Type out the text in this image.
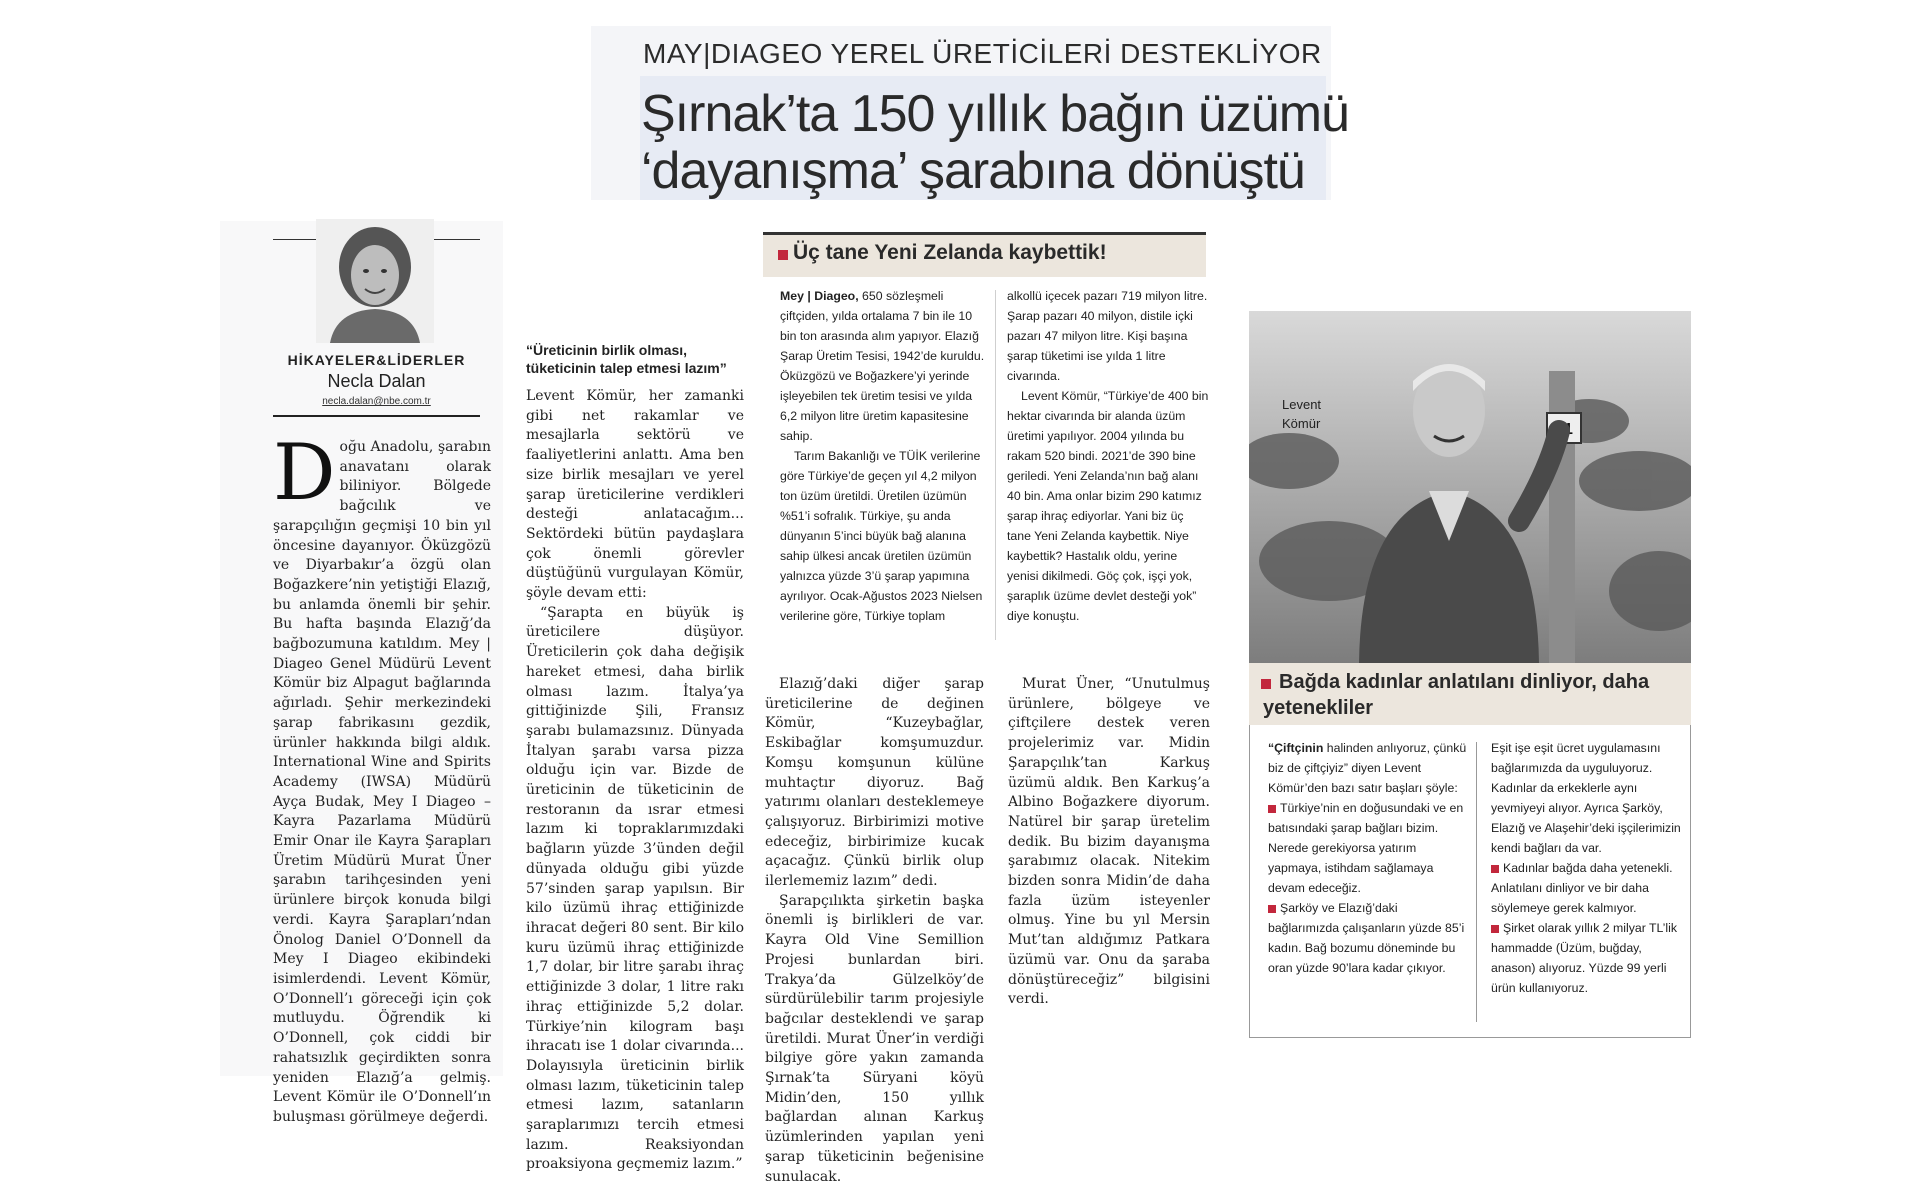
MAY|DIAGEO YEREL ÜRETİCİLERİ DESTEKLİYOR
Şırnak’ta 150 yıllık bağın üzümü
‘dayanışma’ şarabına dönüştü
HİKAYELER&LİDERLER
Necla Dalan
necla.dalan@nbe.com.tr
Doğu Anadolu, şarabın anavatanı olarak biliniyor. Bölgede bağcılık ve şarapçılığın geçmişi 10 bin yıl öncesine dayanıyor. Öküzgözü ve Diyarbakır’a özgü olan Boğazkere’nin yetiştiği Elazığ, bu anlamda önemli bir şehir. Bu hafta başında Elazığ’da bağbozumuna katıldım. Mey | Diageo Genel Müdürü Levent Kömür biz Alpagut bağlarında ağırladı. Şehir merkezindeki şarap fabrikasını gezdik, ürünler hakkında bilgi aldık. International Wine and Spirits Academy (IWSA) Müdürü Ayça Budak, Mey I Diageo – Kayra Pazarlama Müdürü Emir Onar ile Kayra Şarapları Üretim Müdürü Murat Üner şarabın tarihçesinden yeni ürünlere birçok konuda bilgi verdi. Kayra Şarapları’ndan Önolog Daniel O’Donnell da Mey I Diageo ekibindeki isimlerdendi. Levent Kömür, O’Donnell’ı göreceği için çok mutluydu. Öğrendik ki O’Donnell, çok ciddi bir rahatsızlık geçirdikten sonra yeniden Elazığ’a gelmiş. Levent Kömür ile O’Donnell’ın buluşması görülmeye değerdi.
“Üreticinin birlik olması, tüketicinin talep etmesi lazım”

Levent Kömür, her zamanki gibi net rakamlar ve mesajlarla sektörü ve faaliyetlerini anlattı. Ama ben size birlik mesajları ve yerel şarap üreticilerine verdikleri desteği anlatacağım... Sektördeki bütün paydaşlara çok önemli görevler düştüğünü vurgulayan Kömür, şöyle devam etti:

“Şarapta en büyük iş üreticilere düşüyor. Üreticilerin çok daha değişik hareket etmesi, daha birlik olması lazım. İtalya’ya gittiğinizde Şili, Fransız şarabı bulamazsınız. Dünyada İtalyan şarabı varsa pizza olduğu için var. Bizde de üreticinin de tüketicinin de restoranın da ısrar etmesi lazım ki topraklarımızdaki bağların yüzde 3’ünden değil dünyada olduğu gibi yüzde 57’sinden şarap yapılsın. Bir kilo üzümü ihraç ettiğinizde ihracat değeri 80 sent. Bir kilo kuru üzümü ihraç ettiğinizde 1,7 dolar, bir litre şarabı ihraç ettiğinizde 3 dolar, 1 litre rakı ihraç ettiğinizde 5,2 dolar. Türkiye’nin kilogram başı ihracatı ise 1 dolar civarında... Dolayısıyla üreticinin birlik olması lazım, tüketicinin talep etmesi lazım, satanların şaraplarımızı tercih etmesi lazım. Reaksiyondan proaksiyona geçmemiz lazım.”

Elazığ’daki diğer şarap üreticilerine de değinen Kömür, “Kuzeybağlar, Eskibağlar komşumuzdur. Komşu komşunun külüne muhtaçtır diyoruz. Bağ yatırımı olanları desteklemeye çalışıyoruz. Birbirimizi motive edeceğiz, birbirimize kucak açacağız. Çünkü birlik olup ilerlememiz lazım” dedi.

Şarapçılıkta şirketin başka önemli iş birlikleri de var. Kayra Old Vine Semillion Projesi bunlardan biri. Trakya’da Gülzelköy’de sürdürülebilir tarım projesiyle bağcılar desteklendi ve şarap üretildi. Murat Üner’in verdiği bilgiye göre yakın zamanda Şırnak’ta Süryani köyü Midin’den, 150 yıllık bağlardan alınan Karkuş üzümlerinden yapılan yeni şarap tüketicinin beğenisine sunulacak.

Murat Üner, “Unutulmuş ürünlere, bölgeye ve çiftçilere destek veren projelerimiz var. Midin Şarapçılık’tan Karkuş üzümü aldık. Ben Karkuş’a Albino Boğazkere diyorum. Natürel bir şarap üretelim dedik. Bu bizim dayanışma şarabımız olacak. Nitekim bizden sonra Midin’de daha fazla üzüm isteyenler olmuş. Yine bu yıl Mersin Mut’tan aldığımız Patkara üzümü var. Onu da şaraba dönüştüreceğiz” bilgisini verdi.

Üç tane Yeni Zelanda kaybettik!

Mey | Diageo, 650 sözleşmeli çiftçiden, yılda ortalama 7 bin ile 10 bin ton arasında alım yapıyor. Elazığ Şarap Üretim Tesisi, 1942’de kuruldu. Öküzgözü ve Boğazkere’yi yerinde işleyebilen tek üretim tesisi ve yılda 6,2 milyon litre üretim kapasitesine sahip.

Tarım Bakanlığı ve TÜİK verilerine göre Türkiye’de geçen yıl 4,2 milyon ton üzüm üretildi. Üretilen üzümün %51’i sofralık. Türkiye, şu anda dünyanın 5’inci büyük bağ alanına sahip ülkesi ancak üretilen üzümün yalnızca yüzde 3’ü şarap yapımına ayrılıyor. Ocak-Ağustos 2023 Nielsen verilerine göre, Türkiye toplam

alkollü içecek pazarı 719 milyon litre. Şarap pazarı 40 milyon, distile içki pazarı 47 milyon litre. Kişi başına şarap tüketimi ise yılda 1 litre civarında.

Levent Kömür, “Türkiye’de 400 bin hektar civarında bir alanda üzüm üretimi yapılıyor. 2004 yılında bu rakam 520 bindi. 2021’de 390 bine geriledi. Yeni Zelanda’nın bağ alanı 40 bin. Ama onlar bizim 290 katımız şarap ihraç ediyorlar. Yani biz üç tane Yeni Zelanda kaybettik. Niye kaybettik? Hastalık oldu, yerine yenisi dikilmedi. Göç çok, işçi yok, şaraplık üzüme devlet desteği yok” diye konuştu.

21
Levent
Kömür
Bağda kadınlar anlatılanı dinliyor, daha yetenekliler

“Çiftçinin halinden anlıyoruz, çünkü biz de çiftçiyiz” diyen Levent Kömür’den bazı satır başları şöyle:

Türkiye’nin en doğusundaki ve en batısındaki şarap bağları bizim. Nerede gerekiyorsa yatırım yapmaya, istihdam sağlamaya devam edeceğiz.

Şarköy ve Elazığ’daki bağlarımızda çalışanların yüzde 85’i kadın. Bağ bozumu döneminde bu oran yüzde 90’lara kadar çıkıyor.

Eşit işe eşit ücret uygulamasını bağlarımızda da uyguluyoruz. Kadınlar da erkeklerle aynı yevmiyeyi alıyor. Ayrıca Şarköy, Elazığ ve Alaşehir’deki işçilerimizin kendi bağları da var.

Kadınlar bağda daha yetenekli. Anlatılanı dinliyor ve bir daha söylemeye gerek kalmıyor.

Şirket olarak yıllık 2 milyar TL’lik hammadde (Üzüm, buğday, anason) alıyoruz. Yüzde 99 yerli ürün kullanıyoruz.
